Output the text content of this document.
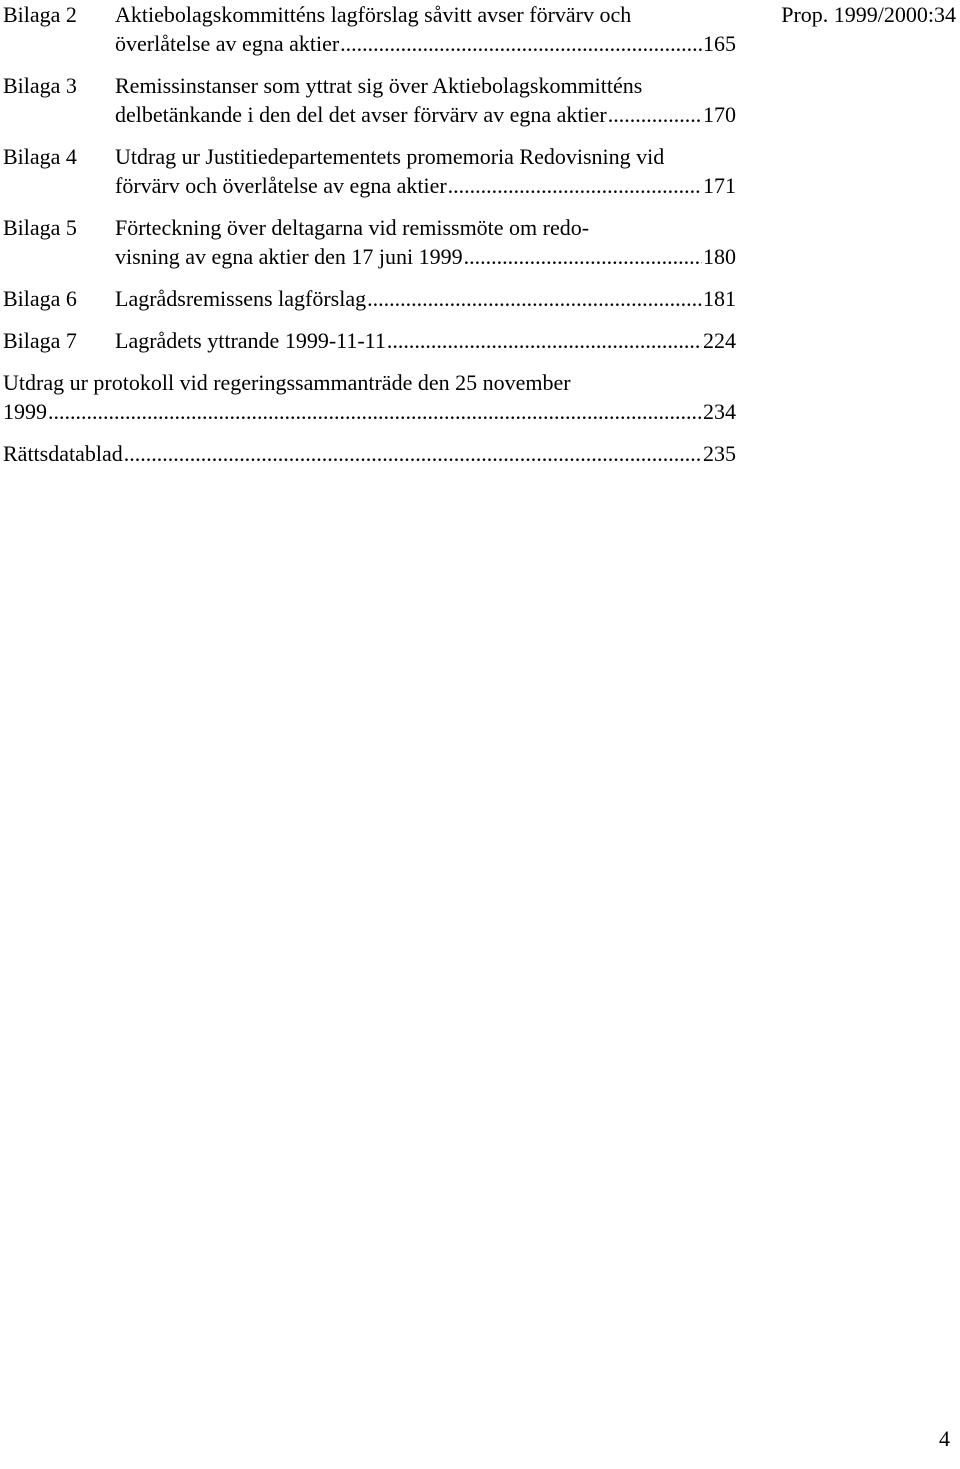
Prop. 1999/2000:34
Bilaga 2	Aktiebolagskommitténs lagförslag såvitt avser förvärv och
överlåtelse av egna aktier .....	165
Bilaga 3	Remissinstanser som yttrat sig över Aktiebolagskommitténs
delbetänkande i den del det avser förvärv av egna aktier .....	170
Bilaga 4	Utdrag ur Justitiedepartementets promemoria Redovisning vid
förvärv och överlåtelse av egna aktier .....	171
Bilaga 5	Förteckning över deltagarna vid remissmöte om redo-
visning av egna aktier den 17 juni 1999 .....	180
Bilaga 6	Lagrådsremissens lagförslag .....	181
Bilaga 7	Lagrådets yttrande 1999-11-11 .....	224
Utdrag ur protokoll vid regeringssammanträde den 25 november
1999 .....	234
Rättsdatablad .....	235
4
